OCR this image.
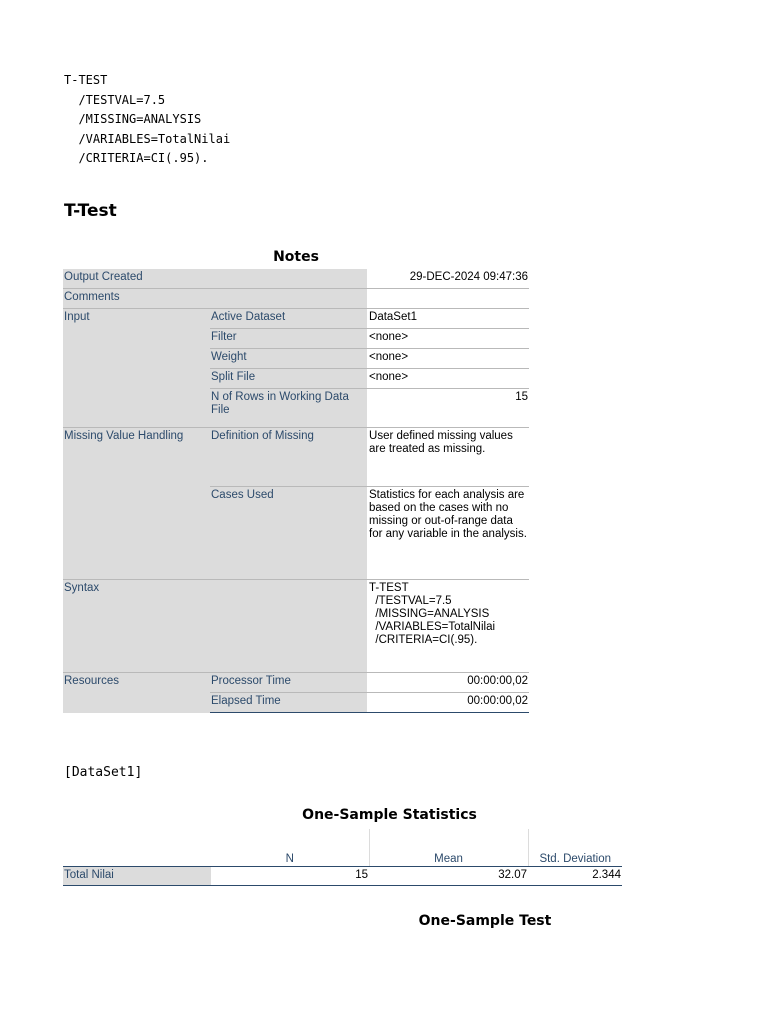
T-TEST
/TESTVAL=7.5
/MISSING=ANALYSIS
/VARIABLES=TotalNilai
/CRITERIA=CI(.95).
T-Test
Notes
Output Created		29-DEC-2024 09:47:36
Comments		
Input	Active Dataset	DataSet1
	Filter	<none>
	Weight	<none>
	Split File	<none>
	N of Rows in Working Data File	15
Missing Value Handling	Definition of Missing	User defined missing values are treated as missing.
	Cases Used	Statistics for each analysis are based on the cases with no missing or out-of-range data for any variable in the analysis.
Syntax		T-TEST
/TESTVAL=7.5
/MISSING=ANALYSIS
/VARIABLES=TotalNilai
/CRITERIA=CI(.95).
Resources	Processor Time	00:00:00,02
	Elapsed Time	00:00:00,02
[DataSet1]
One-Sample Statistics
	N	Mean	Std. Deviation
Total Nilai	15	32.07	2.344
One-Sample Test
